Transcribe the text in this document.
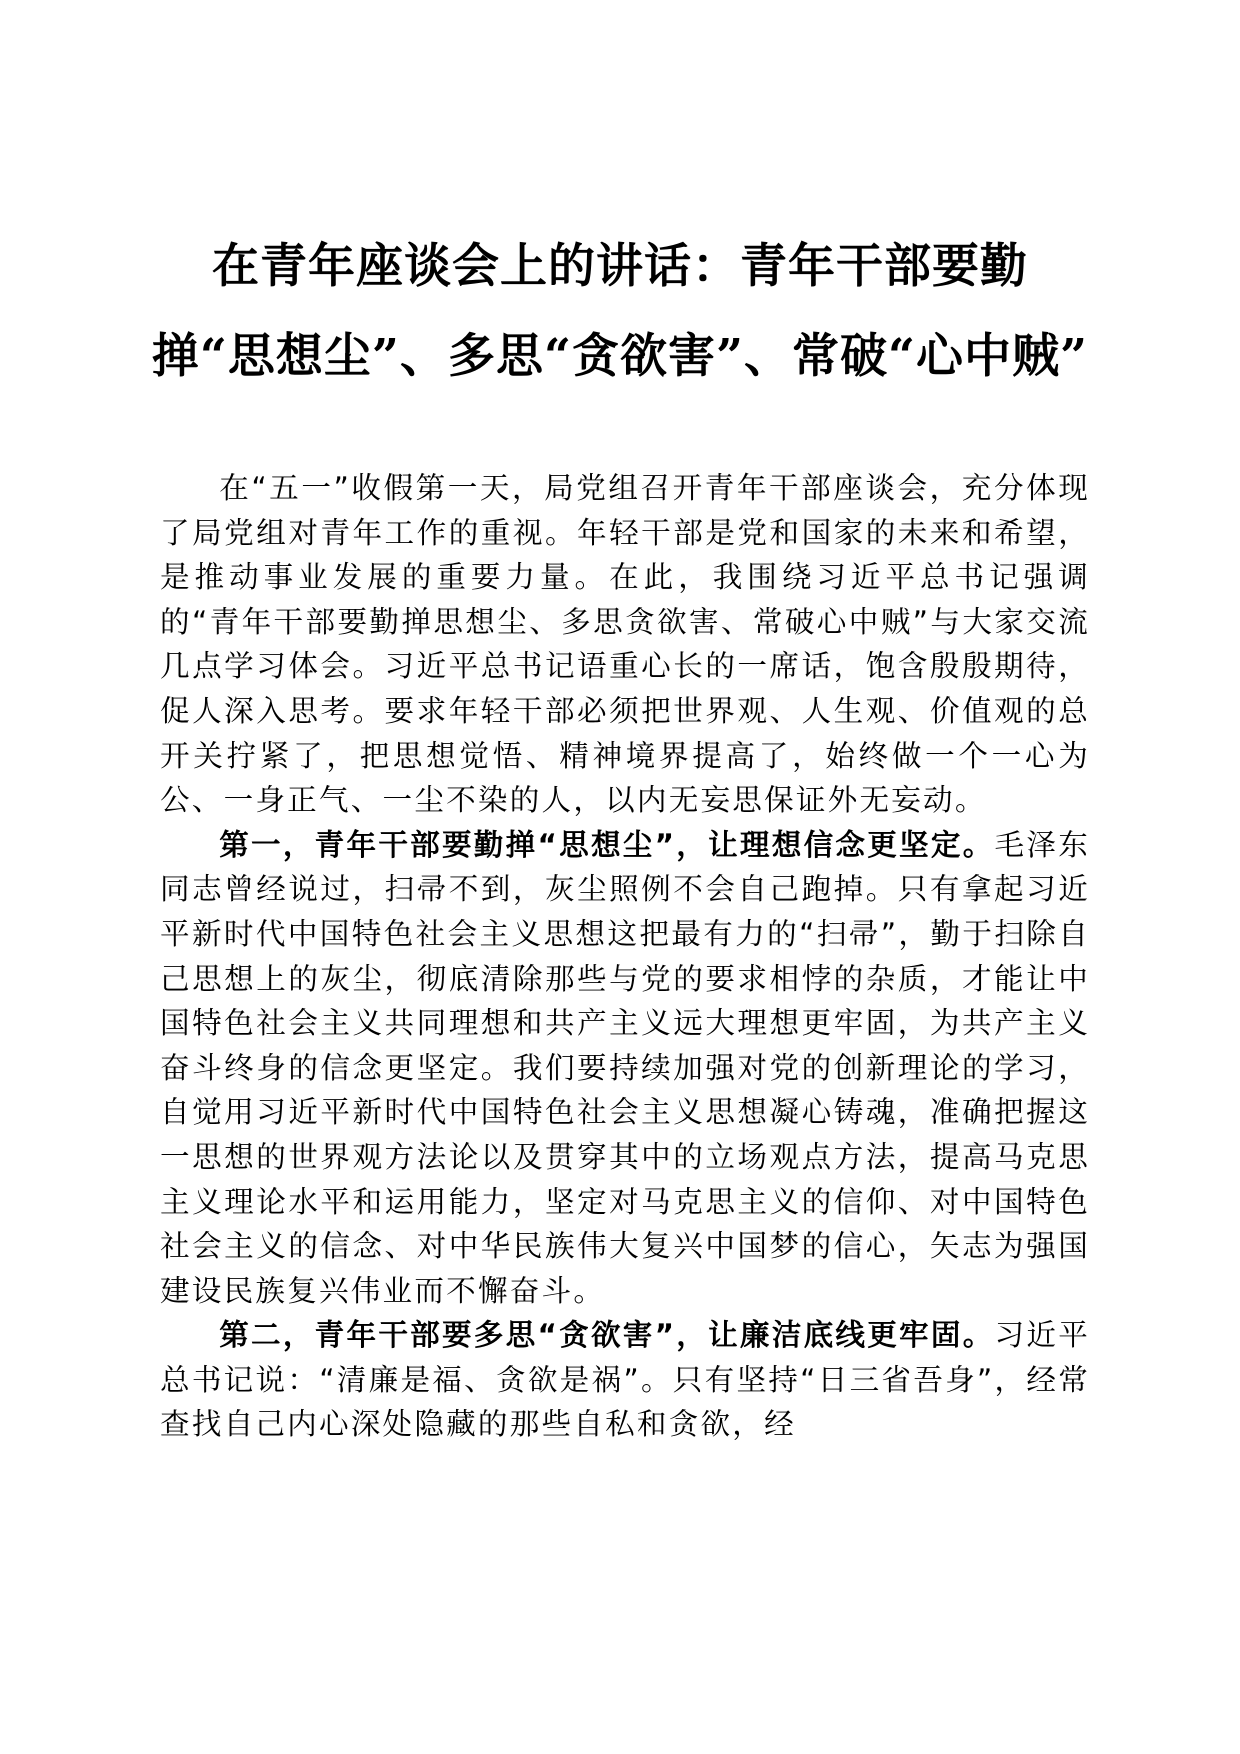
在青年座谈会上的讲话：青年干部要勤掸“思想尘”、多思“贪欲害”、常破“心中贼”

在“五一”收假第一天，局党组召开青年干部座谈会，充分体现了局党组对青年工作的重视。年轻干部是党和国家的未来和希望，是推动事业发展的重要力量。在此，我围绕习近平总书记强调的“青年干部要勤掸思想尘、多思贪欲害、常破心中贼”与大家交流几点学习体会。习近平总书记语重心长的一席话，饱含殷殷期待，促人深入思考。要求年轻干部必须把世界观、人生观、价值观的总开关拧紧了，把思想觉悟、精神境界提高了，始终做一个一心为公、一身正气、一尘不染的人，以内无妄思保证外无妄动。

第一，青年干部要勤掸“思想尘”，让理想信念更坚定。毛泽东同志曾经说过，扫帚不到，灰尘照例不会自己跑掉。只有拿起习近平新时代中国特色社会主义思想这把最有力的“扫帚”，勤于扫除自己思想上的灰尘，彻底清除那些与党的要求相悖的杂质，才能让中国特色社会主义共同理想和共产主义远大理想更牢固，为共产主义奋斗终身的信念更坚定。我们要持续加强对党的创新理论的学习，自觉用习近平新时代中国特色社会主义思想凝心铸魂，准确把握这一思想的世界观方法论以及贯穿其中的立场观点方法，提高马克思主义理论水平和运用能力，坚定对马克思主义的信仰、对中国特色社会主义的信念、对中华民族伟大复兴中国梦的信心，矢志为强国建设民族复兴伟业而不懈奋斗。

第二，青年干部要多思“贪欲害”，让廉洁底线更牢固。习近平总书记说：“清廉是福、贪欲是祸”。只有坚持“日三省吾身”，经常查找自己内心深处隐藏的那些自私和贪欲，经
